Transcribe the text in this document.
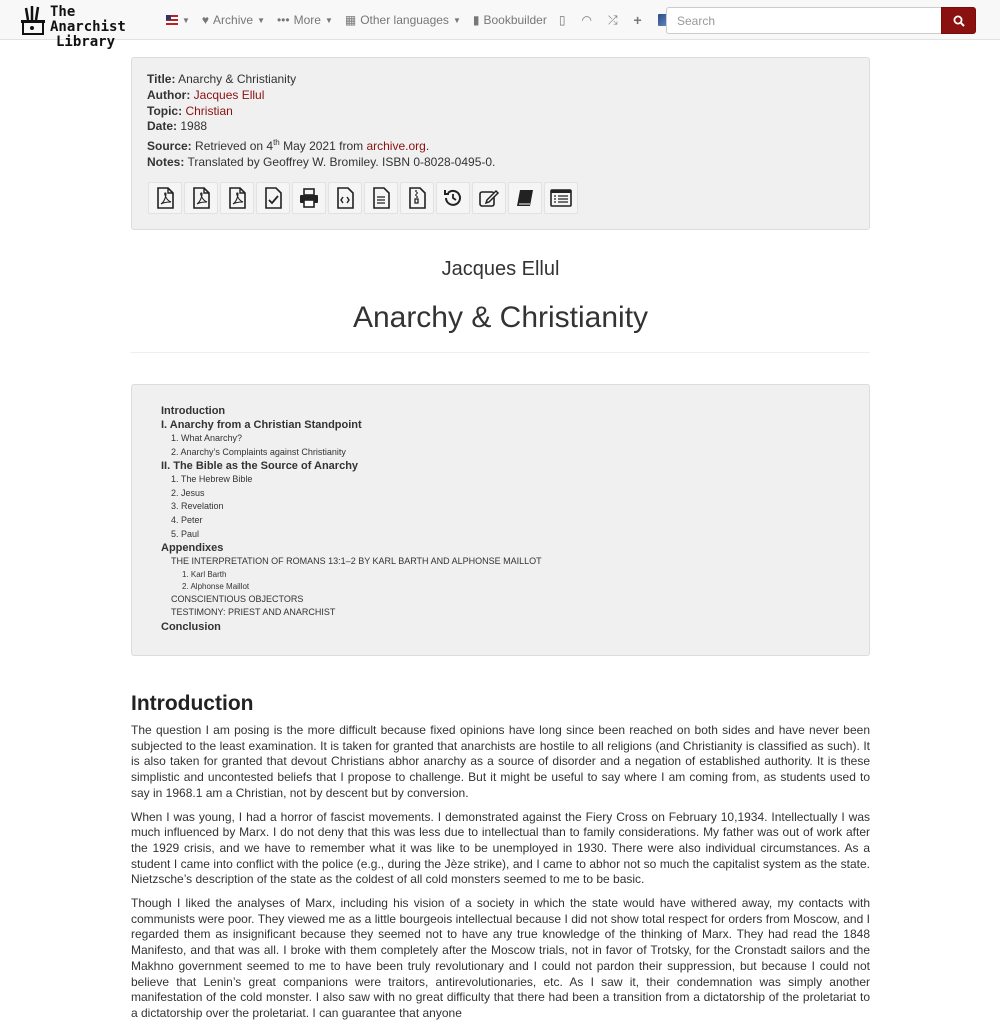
The Anarchist
Library
▼ ♥ Archive ▼ ••• More ▼ ▦ Other languages ▼ ▮ Bookbuilder ▯ ◠ ⤮ +
Search
Title: Anarchy & Christianity
Author: Jacques Ellul
Topic: Christian
Date: 1988
Source: Retrieved on 4th May 2021 from archive.org.
Notes: Translated by Geoffrey W. Bromiley. ISBN 0-8028-0495-0.
Jacques Ellul
Anarchy & Christianity
Introduction
I. Anarchy from a Christian Standpoint
1. What Anarchy?
2. Anarchy’s Complaints against Christianity
II. The Bible as the Source of Anarchy
1. The Hebrew Bible
2. Jesus
3. Revelation
4. Peter
5. Paul
Appendixes
THE INTERPRETATION OF ROMANS 13:1–2 BY KARL BARTH AND ALPHONSE MAILLOT
1. Karl Barth
2. Alphonse Maillot
CONSCIENTIOUS OBJECTORS
TESTIMONY: PRIEST AND ANARCHIST
Conclusion
Introduction

The question I am posing is the more difficult because fixed opinions have long since been reached on both sides and have never been subjected to the least examination. It is taken for granted that anarchists are hostile to all religions (and Christianity is classified as such). It is also taken for granted that devout Christians abhor anarchy as a source of disorder and a negation of established authority. It is these simplistic and uncontested beliefs that I propose to challenge. But it might be useful to say where I am coming from, as students used to say in 1968.1 am a Christian, not by descent but by conversion.

When I was young, I had a horror of fascist movements. I demonstrated against the Fiery Cross on February 10,1934. Intellectually I was much influenced by Marx. I do not deny that this was less due to intellectual than to family considerations. My father was out of work after the 1929 crisis, and we have to remember what it was like to be unemployed in 1930. There were also individual circumstances. As a student I came into conflict with the police (e.g., during the Jèze strike), and I came to abhor not so much the capitalist system as the state. Nietzsche’s description of the state as the coldest of all cold monsters seemed to me to be basic.

Though I liked the analyses of Marx, including his vision of a society in which the state would have withered away, my contacts with communists were poor. They viewed me as a little bourgeois intellectual because I did not show total respect for orders from Moscow, and I regarded them as insignificant because they seemed not to have any true knowledge of the thinking of Marx. They had read the 1848 Manifesto, and that was all. I broke with them completely after the Moscow trials, not in favor of Trotsky, for the Cronstadt sailors and the Makhno government seemed to me to have been truly revolutionary and I could not pardon their suppression, but because I could not believe that Lenin’s great companions were traitors, antirevolutionaries, etc. As I saw it, their condemnation was simply another manifestation of the cold monster. I also saw with no great difficulty that there had been a transition from a dictatorship of the proletariat to a dictatorship over the proletariat. I can guarantee that anyone
